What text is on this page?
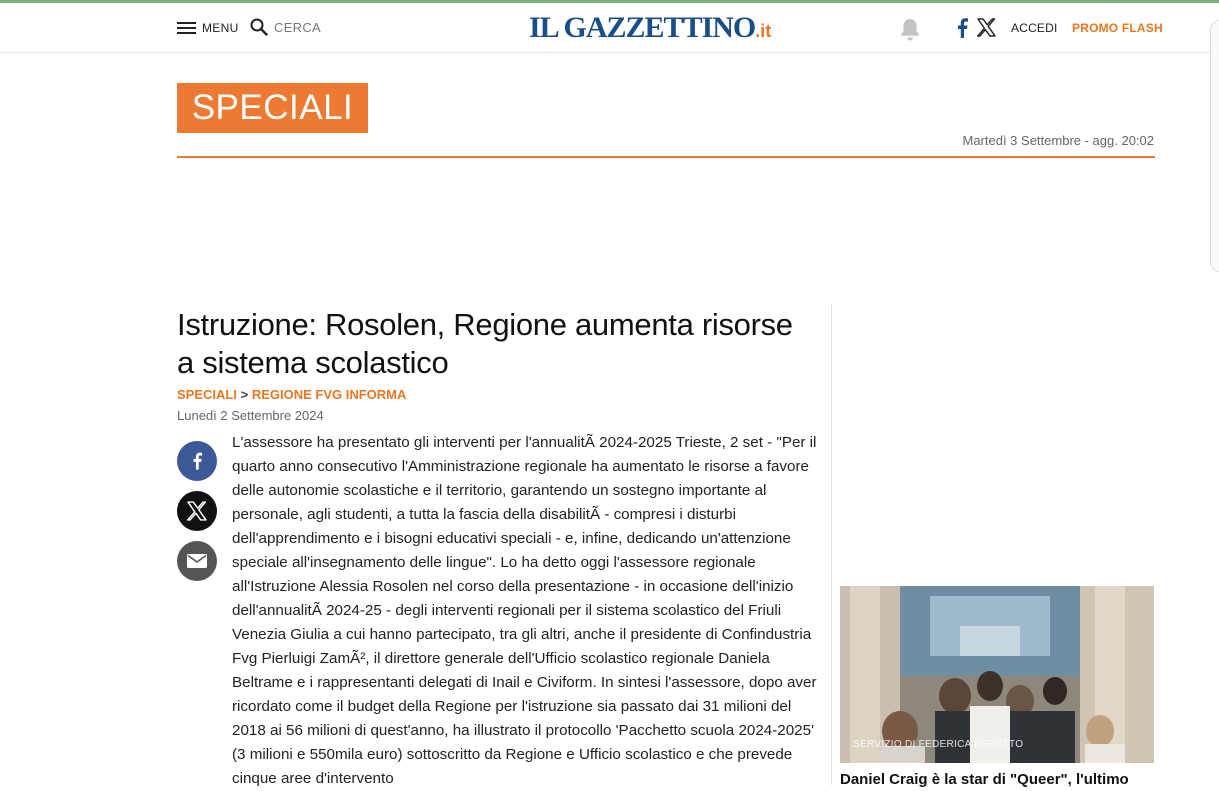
MENU	CERCA	IL GAZZETTINO.it	ACCEDI PROMO FLASH
SPECIALI
Martedì 3 Settembre - agg. 20:02
Istruzione: Rosolen, Regione aumenta risorse a sistema scolastico
SPECIALI > REGIONE FVG INFORMA
Lunedì 2 Settembre 2024

L'assessore ha presentato gli interventi per l'annualitÃ 2024-2025 Trieste, 2 set - "Per il quarto anno consecutivo l'Amministrazione regionale ha aumentato le risorse a favore delle autonomie scolastiche e il territorio, garantendo un sostegno importante al personale, agli studenti, a tutta la fascia della disabilitÃ - compresi i disturbi dell'apprendimento e i bisogni educativi speciali - e, infine, dedicando un'attenzione speciale all'insegnamento delle lingue". Lo ha detto oggi l'assessore regionale all'Istruzione Alessia Rosolen nel corso della presentazione - in occasione dell'inizio dell'annualitÃ 2024-25 - degli interventi regionali per il sistema scolastico del Friuli Venezia Giulia a cui hanno partecipato, tra gli altri, anche il presidente di Confindustria Fvg Pierluigi ZamÃ², il direttore generale dell'Ufficio scolastico regionale Daniela Beltrame e i rappresentanti delegati di Inail e Civiform. In sintesi l'assessore, dopo aver ricordato come il budget della Regione per l'istruzione sia passato dai 31 milioni del 2018 ai 56 milioni di quest'anno, ha illustrato il protocollo 'Pacchetto scuola 2024-2025' (3 milioni e 550mila euro) sottoscritto da Regione e Ufficio scolastico e che prevede cinque aree d'intervento

SERVIZIO DI FEDERICA REPETTO
Daniel Craig è la star di "Queer", l'ultimo
